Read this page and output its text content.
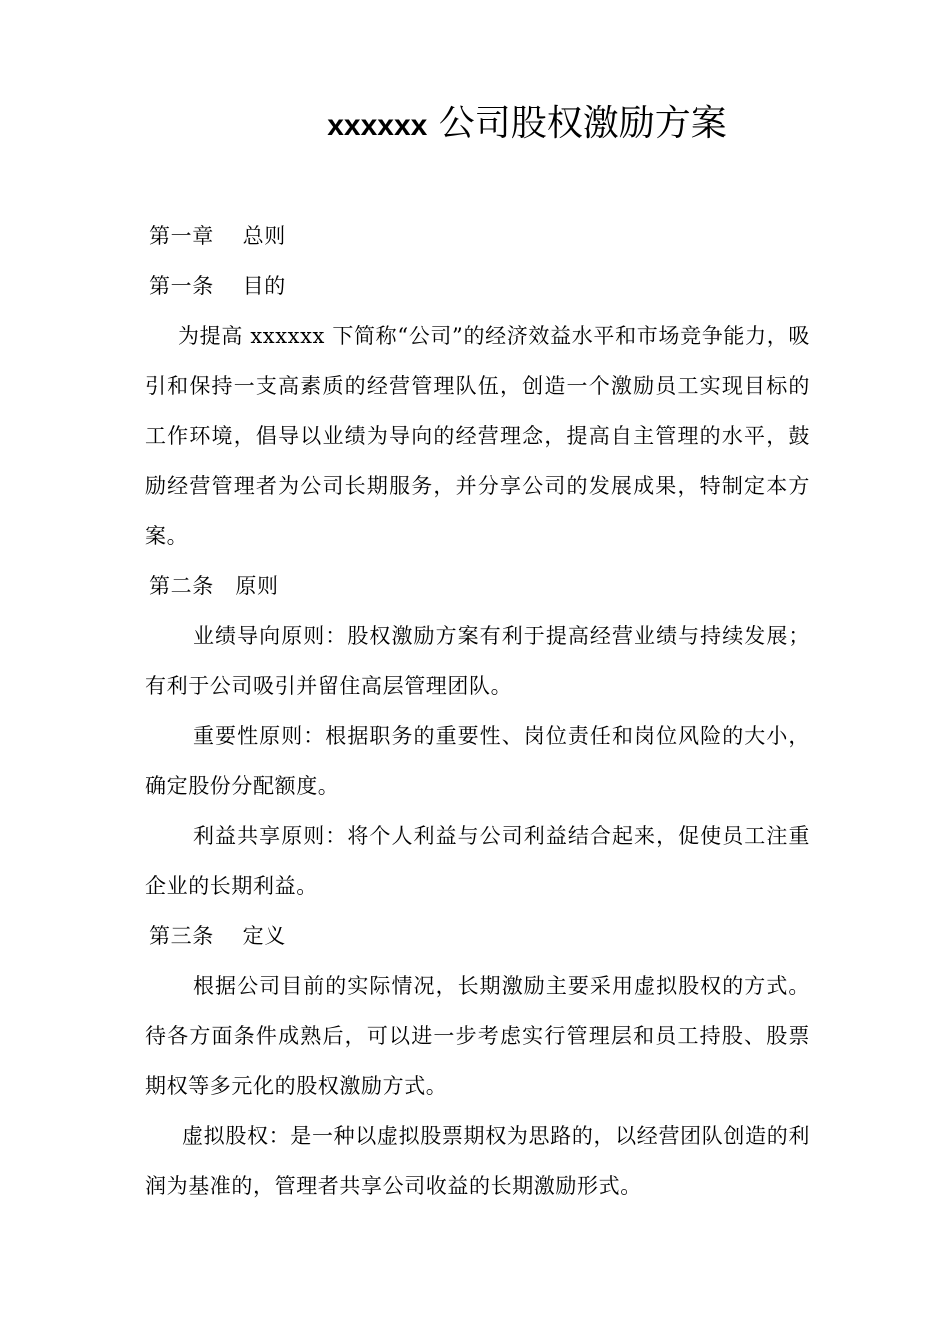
xxxxxx 公司股权激励方案

第一章　 总则

第一条　 目的

为提高 xxxxxx 下简称“公司”的经济效益水平和市场竞争能力，吸引和保持一支高素质的经营管理队伍，创造一个激励员工实现目标的工作环境，倡导以业绩为导向的经营理念，提高自主管理的水平，鼓励经营管理者为公司长期服务，并分享公司的发展成果，特制定本方案。

第二条　原则

业绩导向原则：股权激励方案有利于提高经营业绩与持续发展；有利于公司吸引并留住高层管理团队。

重要性原则：根据职务的重要性、岗位责任和岗位风险的大小，确定股份分配额度。

利益共享原则：将个人利益与公司利益结合起来，促使员工注重企业的长期利益。

第三条　 定义

根据公司目前的实际情况，长期激励主要采用虚拟股权的方式。待各方面条件成熟后，可以进一步考虑实行管理层和员工持股、股票期权等多元化的股权激励方式。

虚拟股权：是一种以虚拟股票期权为思路的，以经营团队创造的利润为基准的，管理者共享公司收益的长期激励形式。
